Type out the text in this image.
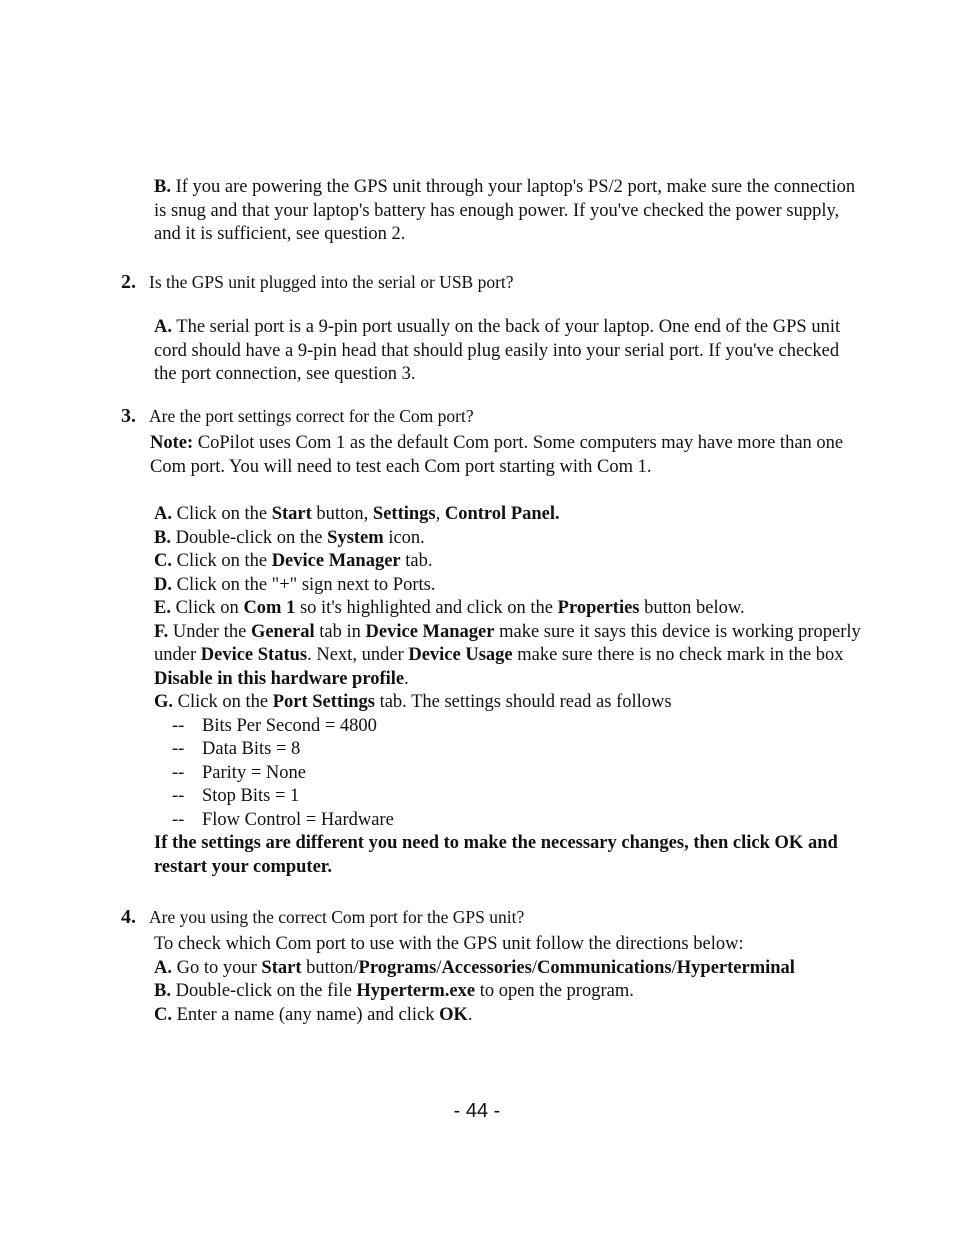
B. If you are powering the GPS unit through your laptop's PS/2 port, make sure the connection is snug and that your laptop's battery has enough power. If you've checked the power supply, and it is sufficient, see question 2.
2. Is the GPS unit plugged into the serial or USB port?
A. The serial port is a 9-pin port usually on the back of your laptop. One end of the GPS unit cord should have a 9-pin head that should plug easily into your serial port. If you've checked the port connection, see question 3.
3. Are the port settings correct for the Com port?
Note: CoPilot uses Com 1 as the default Com port. Some computers may have more than one Com port. You will need to test each Com port starting with Com 1.
A. Click on the Start button, Settings, Control Panel.
B. Double-click on the System icon.
C. Click on the Device Manager tab.
D. Click on the "+" sign next to Ports.
E. Click on Com 1 so it's highlighted and click on the Properties button below.
F. Under the General tab in Device Manager make sure it says this device is working properly under Device Status. Next, under Device Usage make sure there is no check mark in the box Disable in this hardware profile.
G. Click on the Port Settings tab. The settings should read as follows
-- Bits Per Second = 4800
-- Data Bits = 8
-- Parity = None
-- Stop Bits = 1
-- Flow Control = Hardware
If the settings are different you need to make the necessary changes, then click OK and restart your computer.
4. Are you using the correct Com port for the GPS unit?
To check which Com port to use with the GPS unit follow the directions below:
A. Go to your Start button/Programs/Accessories/Communications/Hyperterminal
B. Double-click on the file Hyperterm.exe to open the program.
C. Enter a name (any name) and click OK.
- 44 -
